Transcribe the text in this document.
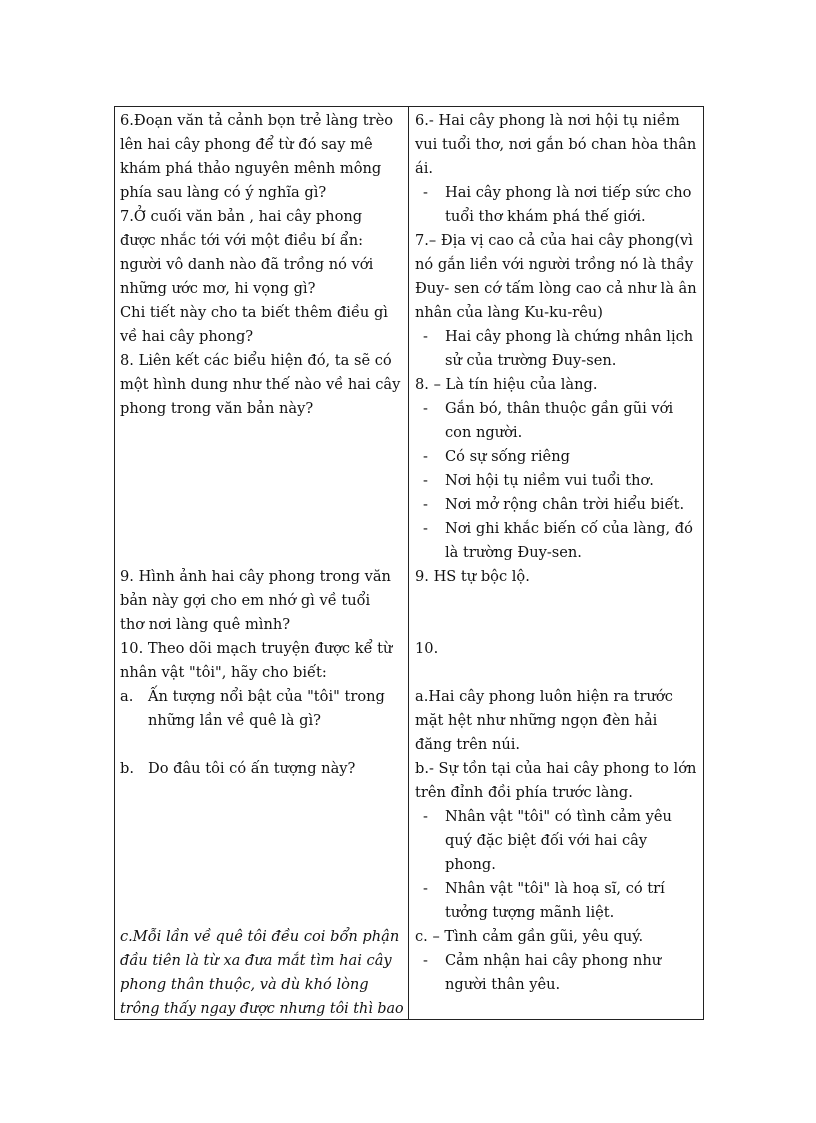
6.Đoạn văn tả cảnh bọn trẻ làng trèo
lên hai cây phong để từ đó say mê
khám phá thảo nguyên mênh mông
phía sau làng có ý nghĩa gì?
7.Ở cuối văn bản , hai cây phong
được nhắc tới với một điều bí ẩn:
người vô danh nào đã trồng nó với
những ước mơ, hi vọng gì?
Chi tiết này cho ta biết thêm điều gì
về hai cây phong?
8. Liên kết các biểu hiện đó, ta sẽ có
một hình dung như thế nào về hai cây
phong trong văn bản này?
9. Hình ảnh hai cây phong trong văn
bản này gợi cho em nhớ gì về tuổi
thơ nơi làng quê mình?
10. Theo dõi mạch truyện được kể từ
nhân vật "tôi", hãy cho biết:
a. Ấn tượng nổi bật của "tôi" trong
những lần về quê là gì?
b. Do đâu tôi có ấn tượng này?
c.Mỗi lần về quê tôi đều coi bổn phận
đầu tiên là từ xa đưa mắt tìm hai cây
phong thân thuộc, và dù khó lòng
trông thấy ngay được nhưng tôi thì bao
6.- Hai cây phong là nơi hội tụ niềm
vui tuổi thơ, nơi gắn bó chan hòa thân
ái.
- Hai cây phong là nơi tiếp sức cho
tuổi thơ khám phá thế giới.
7.– Địa vị cao cả của hai cây phong(vì
nó gắn liền với người trồng nó là thầy
Đuy- sen cớ tấm lòng cao cả như là ân
nhân của làng Ku-ku-rêu)
- Hai cây phong là chứng nhân lịch
sử của trường Đuy-sen.
8. – Là tín hiệu của làng.
- Gắn bó, thân thuộc gần gũi với
con người.
- Có sự sống riêng
- Nơi hội tụ niềm vui tuổi thơ.
- Nơi mở rộng chân trời hiểu biết.
- Nơi ghi khắc biến cố của làng, đó
là trường Đuy-sen.
9. HS tự bộc lộ.
10.
a.Hai cây phong luôn hiện ra trước
mặt hệt như những ngọn đèn hải
đăng trên núi.
b.- Sự tồn tại của hai cây phong to lớn
trên đỉnh đồi phía trước làng.
- Nhân vật "tôi" có tình cảm yêu
quý đặc biệt đối với hai cây
phong.
- Nhân vật "tôi" là hoạ sĩ, có trí
tưởng tượng mãnh liệt.
c. – Tình cảm gần gũi, yêu quý.
- Cảm nhận hai cây phong như
người thân yêu.
